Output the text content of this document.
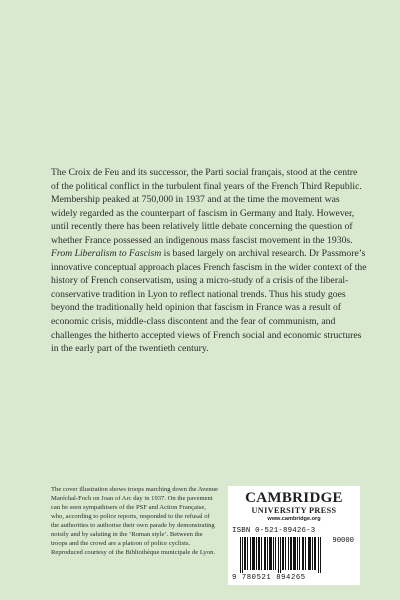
The Croix de Feu and its successor, the Parti social français, stood at the centre of the political conflict in the turbulent final years of the French Third Republic. Membership peaked at 750,000 in 1937 and at the time the movement was widely regarded as the counterpart of fascism in Germany and Italy. However, until recently there has been relatively little debate concerning the question of whether France possessed an indigenous mass fascist movement in the 1930s. From Liberalism to Fascism is based largely on archival research. Dr Passmore’s innovative conceptual approach places French fascism in the wider context of the history of French conservatism, using a micro-study of a crisis of the liberal-conservative tradition in Lyon to reflect national trends. Thus his study goes beyond the traditionally held opinion that fascism in France was a result of economic crisis, middle-class discontent and the fear of communism, and challenges the hitherto accepted views of French social and economic structures in the early part of the twentieth century.
The cover illustration shows troops marching down the Avenue Maréchal-Foch on Joan of Arc day in 1937. On the pavement can be seen sympathisers of the PSF and Action Française, who, according to police reports, responded to the refusal of the authorities to authorise their own parade by demonstrating noisily and by saluting in the ‘Roman style’. Between the troops and the crowd are a platoon of police cyclists. Reproduced courtesy of the Bibliothèque municipale de Lyon.
CAMBRIDGE
UNIVERSITY PRESS
www.cambridge.org
ISBN 0-521-89426-3
90000
9 780521 894265
